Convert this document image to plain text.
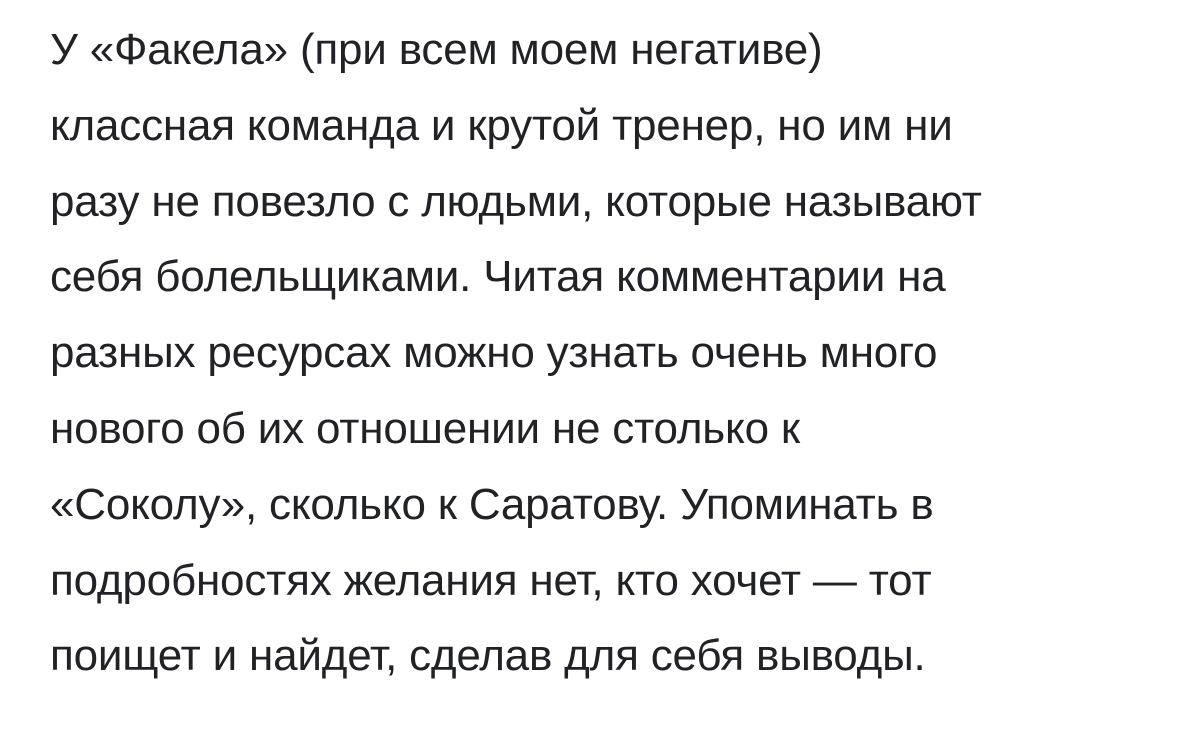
У «Факела» (при всем моем негативе)
классная команда и крутой тренер, но им ни
разу не повезло с людьми, которые называют
себя болельщиками. Читая комментарии на
разных ресурсах можно узнать очень много
нового об их отношении не столько к
«Соколу», сколько к Саратову. Упоминать в
подробностях желания нет, кто хочет — тот
поищет и найдет, сделав для себя выводы.
